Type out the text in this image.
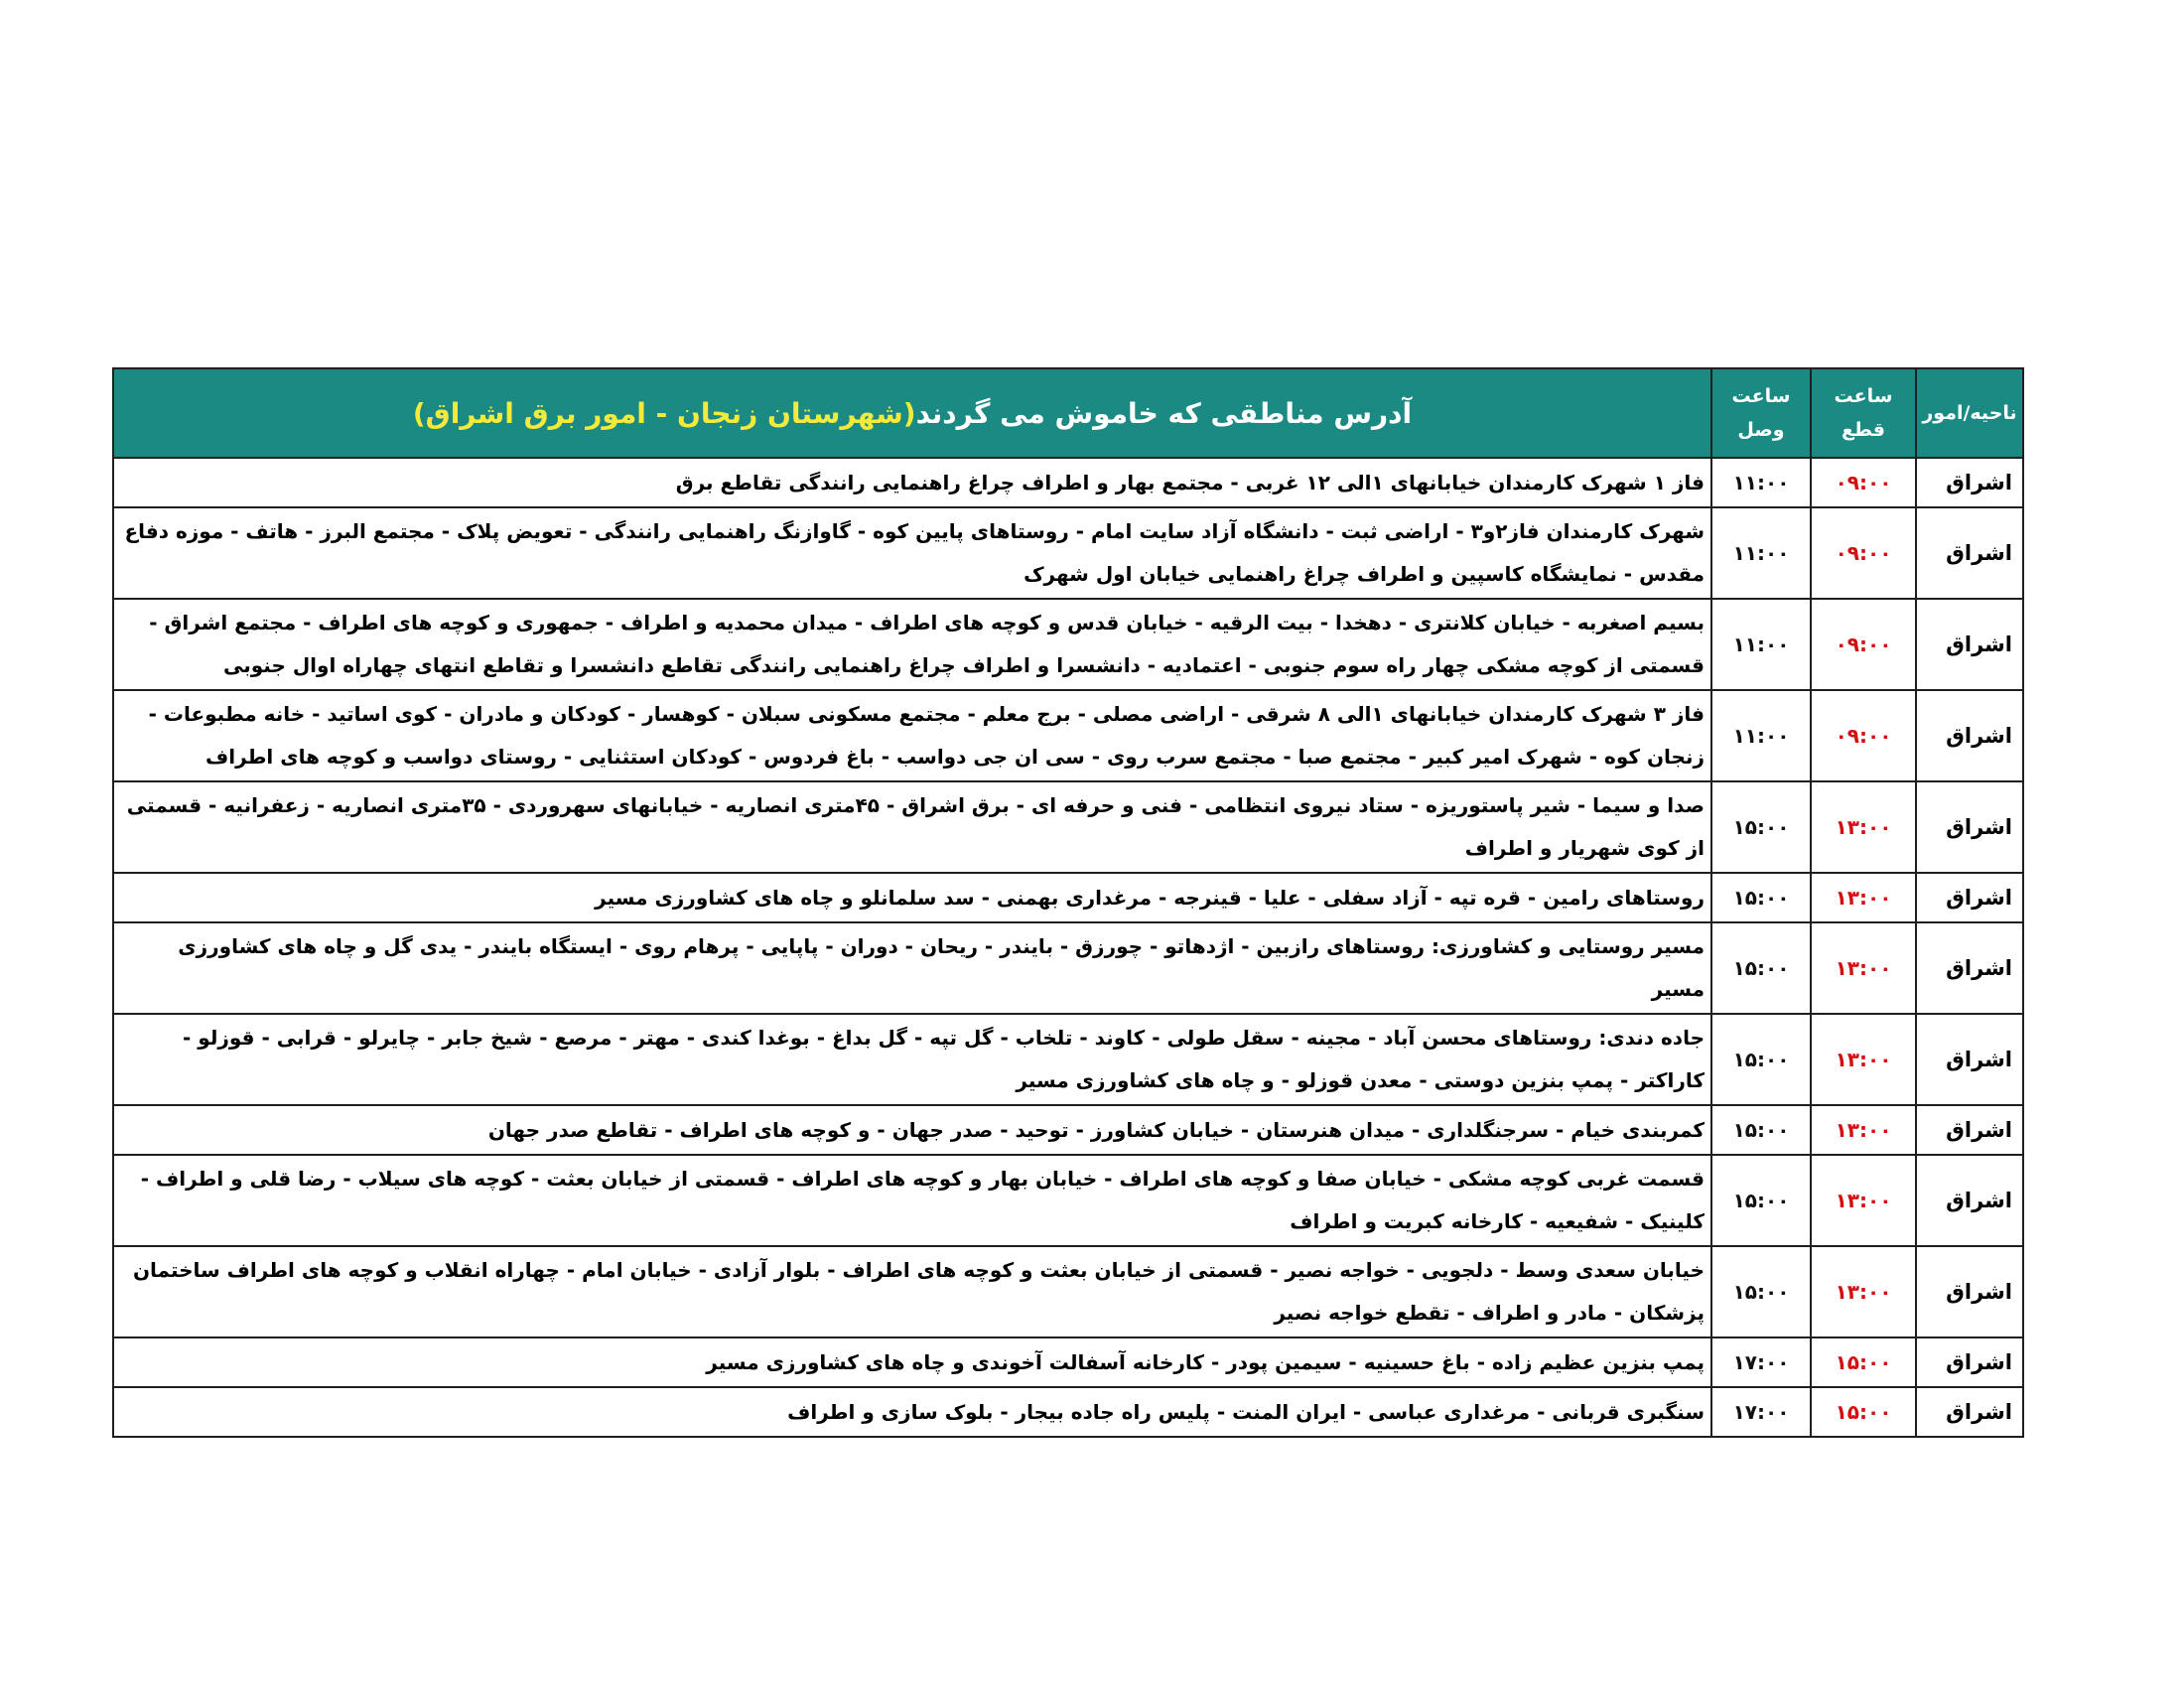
ناحیه/امور	ساعت قطع	ساعت وصل	آدرس مناطقی که خاموش می گردند(شهرستان زنجان - امور برق اشراق)
اشراق	۰۹:۰۰	۱۱:۰۰	فاز ۱ شهرک کارمندان خیابانهای ۱الی ۱۲ غربی - مجتمع بهار و اطراف چراغ راهنمایی رانندگی تقاطع برق
اشراق	۰۹:۰۰	۱۱:۰۰	شهرک کارمندان فاز۲و۳ - اراضی ثبت - دانشگاه آزاد سایت امام - روستاهای پایین کوه - گاوازنگ راهنمایی رانندگی - تعویض پلاک - مجتمع البرز - هاتف - موزه دفاع مقدس - نمایشگاه کاسپین و اطراف چراغ راهنمایی خیابان اول شهرک
اشراق	۰۹:۰۰	۱۱:۰۰	بسیم اصغربه - خیابان کلانتری - دهخدا - بیت الرقیه - خیابان قدس و کوچه های اطراف - میدان محمدیه و اطراف - جمهوری و کوچه های اطراف - مجتمع اشراق - قسمتی از کوچه مشکی چهار راه سوم جنوبی - اعتمادیه - دانشسرا و اطراف چراغ راهنمایی رانندگی تقاطع دانشسرا و تقاطع انتهای چهاراه اوال جنوبی
اشراق	۰۹:۰۰	۱۱:۰۰	فاز ۳ شهرک کارمندان خیابانهای ۱الی ۸ شرقی - اراضی مصلی - برج معلم - مجتمع مسکونی سبلان - کوهسار - کودکان و مادران - کوی اساتید - خانه مطبوعات - زنجان کوه - شهرک امیر کبیر - مجتمع صبا - مجتمع سرب روی - سی ان جی دواسب - باغ فردوس - کودکان استثنایی - روستای دواسب و کوچه های اطراف
اشراق	۱۳:۰۰	۱۵:۰۰	صدا و سیما - شیر پاستوریزه - ستاد نیروی انتظامی - فنی و حرفه ای - برق اشراق - ۴۵متری انصاریه - خیابانهای سهروردی - ۳۵متری انصاریه - زعفرانیه - قسمتی از کوی شهریار و اطراف
اشراق	۱۳:۰۰	۱۵:۰۰	روستاهای رامین - قره تپه - آزاد سفلی - علیا - قینرجه - مرغداری بهمنی - سد سلمانلو و چاه های کشاورزی مسیر
اشراق	۱۳:۰۰	۱۵:۰۰	مسیر روستایی و کشاورزی: روستاهای رازبین - اژدهاتو - چورزق - بایندر - ریحان - دوران - پاپایی - پرهام روی - ایستگاه بایندر - یدی گل و چاه های کشاورزی مسیر
اشراق	۱۳:۰۰	۱۵:۰۰	جاده دندی: روستاهای محسن آباد - مجینه - سقل طولی - کاوند - تلخاب - گل تپه - گل بداغ - بوغدا کندی - مهتر - مرصع - شیخ جابر - چایرلو - قرابی - قوزلو - کاراکتر - پمپ بنزین دوستی - معدن قوزلو - و چاه های کشاورزی مسیر
اشراق	۱۳:۰۰	۱۵:۰۰	کمربندی خیام - سرجنگلداری - میدان هنرستان - خیابان کشاورز - توحید - صدر جهان - و کوچه های اطراف - تقاطع صدر جهان
اشراق	۱۳:۰۰	۱۵:۰۰	قسمت غربی کوچه مشکی - خیابان صفا و کوچه های اطراف - خیابان بهار و کوچه های اطراف - قسمتی از خیابان بعثت - کوچه های سیلاب - رضا قلی و اطراف - کلینیک - شفیعیه - کارخانه کبریت و اطراف
اشراق	۱۳:۰۰	۱۵:۰۰	خیابان سعدی وسط - دلجویی - خواجه نصیر - قسمتی از خیابان بعثت و کوچه های اطراف - بلوار آزادی - خیابان امام - چهاراه انقلاب و کوچه های اطراف ساختمان پزشکان - مادر و اطراف - تقطع خواجه نصیر
اشراق	۱۵:۰۰	۱۷:۰۰	پمپ بنزین عظیم زاده - باغ حسینیه - سیمین پودر - کارخانه آسفالت آخوندی و چاه های کشاورزی مسیر
اشراق	۱۵:۰۰	۱۷:۰۰	سنگبری قربانی - مرغداری عباسی - ایران المنت - پلیس راه جاده بیجار - بلوک سازی و اطراف
